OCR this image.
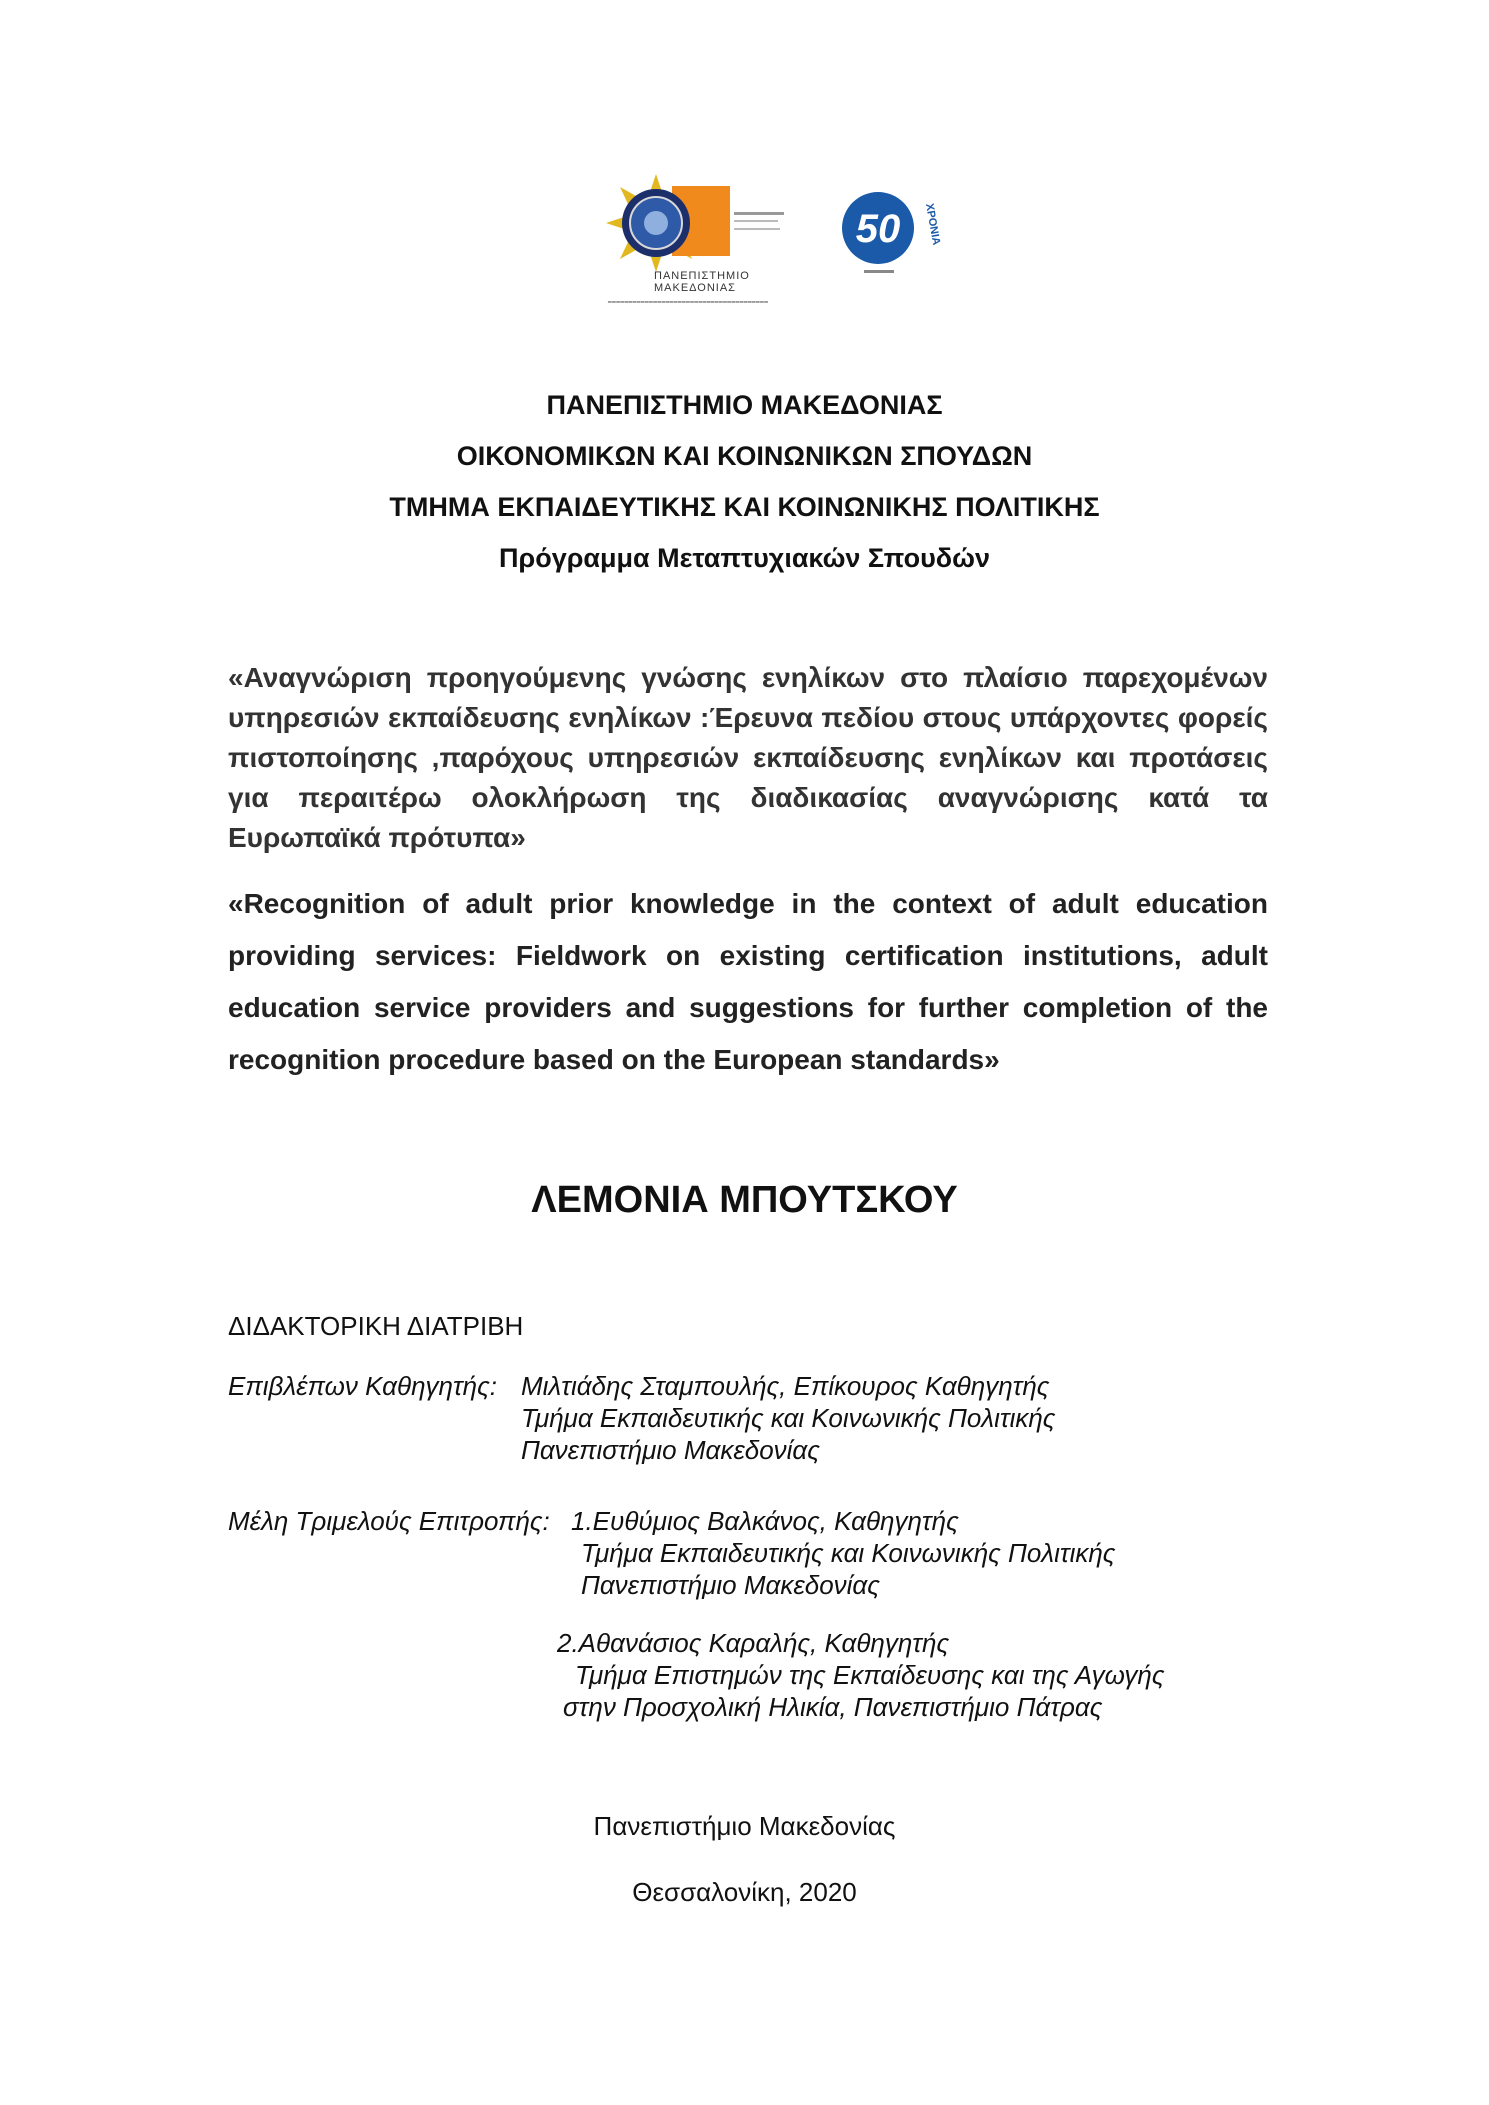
ΠΑΝΕΠΙΣΤΗΜΙΟ
ΜΑΚΕΔΟΝΙΑΣ
━━━━━━━━━━━━━━━━━━━━━━━━━━━━━━━━━━━━━━━
50 ΧΡΟΝΙΑ
ΠΑΝΕΠΙΣΤΗΜΙΟ ΜΑΚΕΔΟΝΙΑΣ
ΟΙΚΟΝΟΜΙΚΩΝ ΚΑΙ ΚΟΙΝΩΝΙΚΩΝ ΣΠΟΥΔΩΝ
ΤΜΗΜΑ ΕΚΠΑΙΔΕΥΤΙΚΗΣ ΚΑΙ ΚΟΙΝΩΝΙΚΗΣ ΠΟΛΙΤΙΚΗΣ
Πρόγραμμα Μεταπτυχιακών Σπουδών
«Αναγνώριση προηγούμενης γνώσης ενηλίκων στο πλαίσιο παρεχομένων υπηρεσιών εκπαίδευσης ενηλίκων :Έρευνα πεδίου στους υπάρχοντες φορείς πιστοποίησης ,παρόχους υπηρεσιών εκπαίδευσης ενηλίκων και προτάσεις για περαιτέρω ολοκλήρωση της διαδικασίας αναγνώρισης κατά τα Ευρωπαϊκά πρότυπα»
«Recognition of adult prior knowledge in the context of adult education providing services: Fieldwork on existing certification institutions, adult education service providers and suggestions for further completion of the recognition procedure based on the European standards»
ΛΕΜΟΝΙΑ ΜΠΟΥΤΣΚΟΥ
ΔΙΔΑΚΤΟΡΙΚΗ ΔΙΑΤΡΙΒΗ
Επιβλέπων Καθηγητής: Μιλτιάδης Σταμπουλής, Επίκουρος Καθηγητής
Τμήμα Εκπαιδευτικής και Κοινωνικής Πολιτικής
Πανεπιστήμιο Μακεδονίας
Μέλη Τριμελούς Επιτροπής: 1.Ευθύμιος Βαλκάνος, Καθηγητής
Τμήμα Εκπαιδευτικής και Κοινωνικής Πολιτικής
Πανεπιστήμιο Μακεδονίας
2.Αθανάσιος Καραλής, Καθηγητής
Τμήμα Επιστημών της Εκπαίδευσης και της Αγωγής
στην Προσχολική Ηλικία, Πανεπιστήμιο Πάτρας
Πανεπιστήμιο Μακεδονίας
Θεσσαλονίκη, 2020
